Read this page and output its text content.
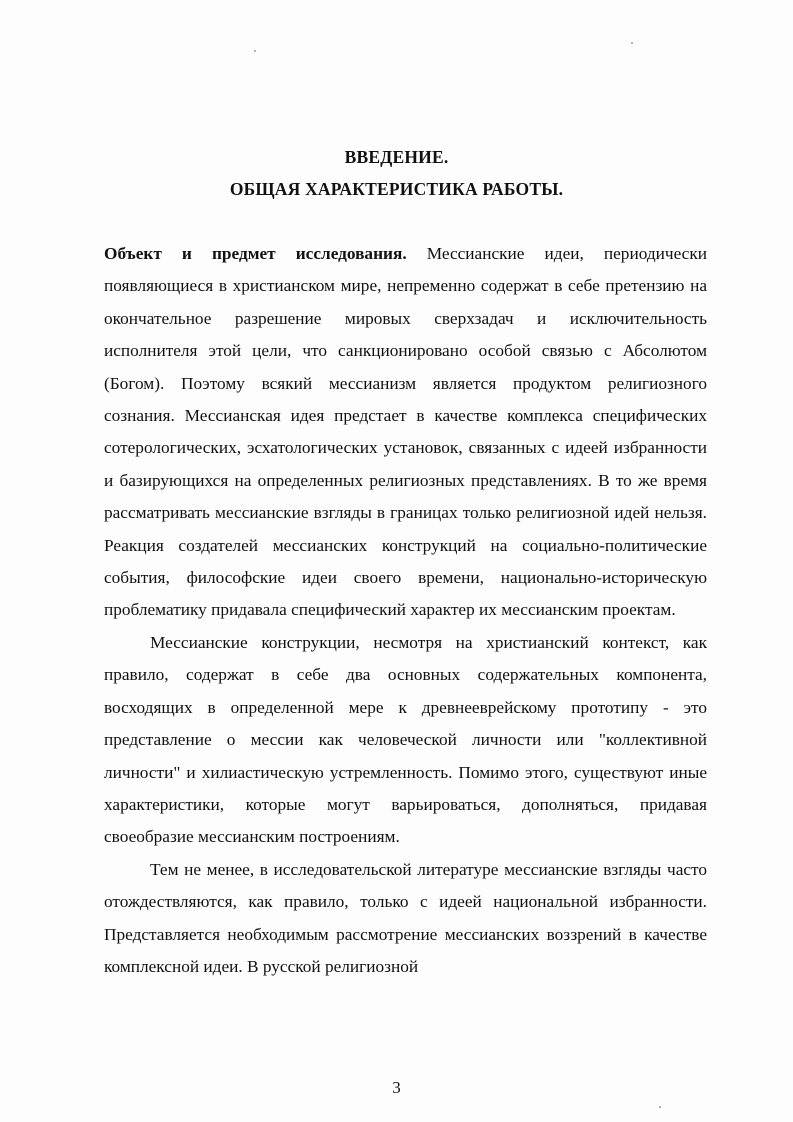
ВВЕДЕНИЕ.
ОБЩАЯ ХАРАКТЕРИСТИКА РАБОТЫ.

Объект и предмет исследования. Мессианские идеи, периодически появляющиеся в христианском мире, непременно содержат в себе претензию на окончательное разрешение мировых сверхзадач и исключительность исполнителя этой цели, что санкционировано особой связью с Абсолютом (Богом). Поэтому всякий мессианизм является продуктом религиозного сознания. Мессианская идея предстает в качестве комплекса специфических сотерологических, эсхатологических установок, связанных с идеей избранности и базирующихся на определенных религиозных представлениях. В то же время рассматривать мессианские взгляды в границах только религиозной идей нельзя. Реакция создателей мессианских конструкций на социально-политические события, философские идеи своего времени, национально-историческую проблематику придавала специфический характер их мессианским проектам.

Мессианские конструкции, несмотря на христианский контекст, как правило, содержат в себе два основных содержательных компонента, восходящих в определенной мере к древнееврейскому прототипу - это представление о мессии как человеческой личности или "коллективной личности" и хилиастическую устремленность. Помимо этого, существуют иные характеристики, которые могут варьироваться, дополняться, придавая своеобразие мессианским построениям.

Тем не менее, в исследовательской литературе мессианские взгляды часто отождествляются, как правило, только с идеей национальной избранности. Представляется необходимым рассмотрение мессианских воззрений в качестве комплексной идеи. В русской религиозной

3
